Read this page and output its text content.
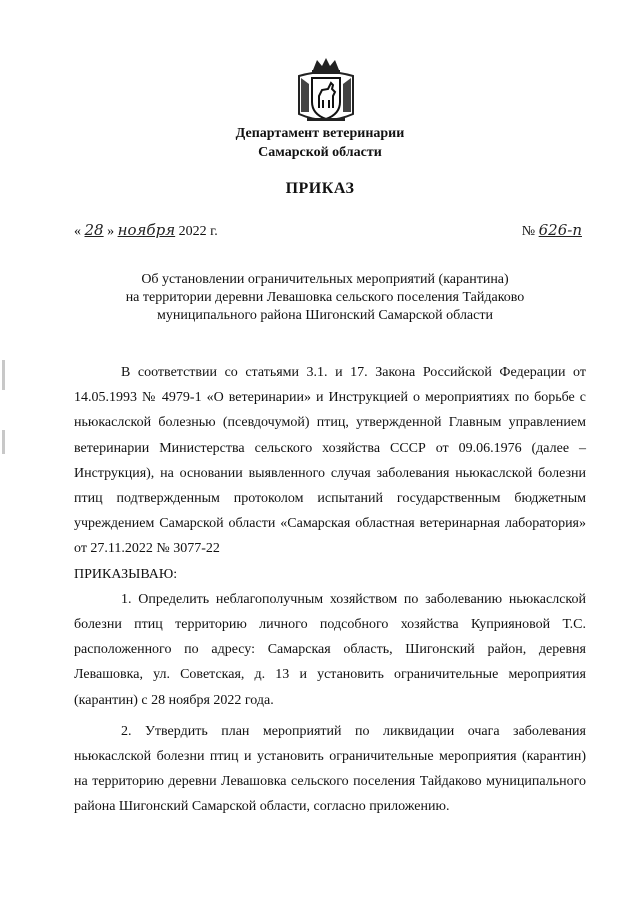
Департамент ветеринарии
Самарской области
ПРИКАЗ
« 28 » ноября 2022 г.	№ 626-п
Об установлении ограничительных мероприятий (карантина)
на территории деревни Левашовка сельского поселения Тайдаково
муниципального района Шигонский Самарской области

В соответствии со статьями 3.1. и 17. Закона Российской Федерации от 14.05.1993 № 4979-1 «О ветеринарии» и Инструкцией о мероприятиях по борьбе с ньюкаслской болезнью (псевдочумой) птиц, утвержденной Главным управлением ветеринарии Министерства сельского хозяйства СССР от 09.06.1976 (далее – Инструкция), на основании выявленного случая заболевания ньюкаслской болезни птиц подтвержденным протоколом испытаний государственным бюджетным учреждением Самарской области «Самарская областная ветеринарная лаборатория» от 27.11.2022 № 3077-22

ПРИКАЗЫВАЮ:

1. Определить неблагополучным хозяйством по заболеванию ньюкаслской болезни птиц территорию личного подсобного хозяйства Куприяновой Т.С. расположенного по адресу: Самарская область, Шигонский район, деревня Левашовка, ул. Советская, д. 13 и установить ограничительные мероприятия (карантин) с 28 ноября 2022 года.

2. Утвердить план мероприятий по ликвидации очага заболевания ньюкаслской болезни птиц и установить ограничительные мероприятия (карантин) на территорию деревни Левашовка сельского поселения Тайдаково муниципального района Шигонский Самарской области, согласно приложению.
